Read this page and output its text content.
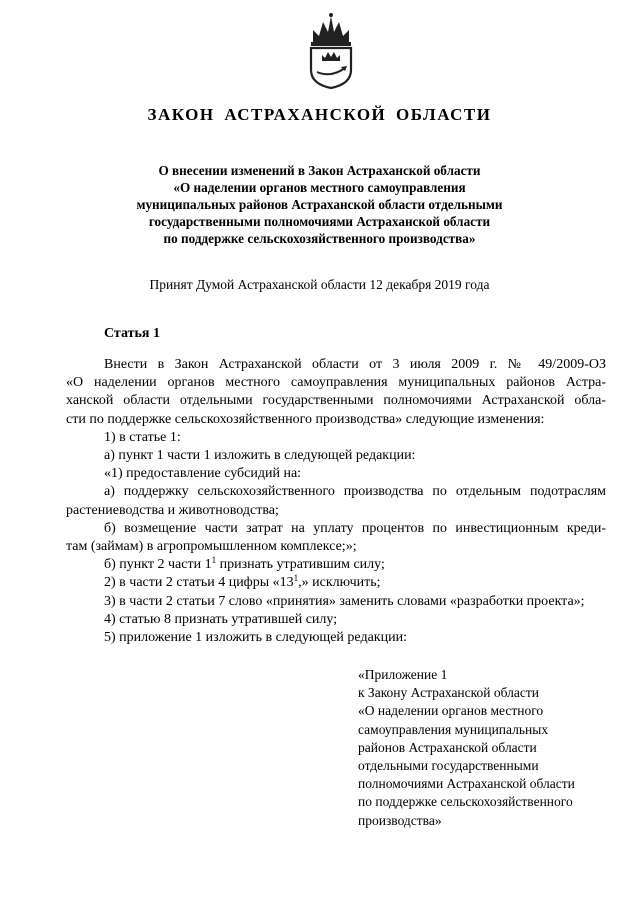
ЗАКОН АСТРАХАНСКОЙ ОБЛАСТИ
О внесении изменений в Закон Астраханской области
«О наделении органов местного самоуправления
муниципальных районов Астраханской области отдельными
государственными полномочиями Астраханской области
по поддержке сельскохозяйственного производства»
Принят Думой Астраханской области 12 декабря 2019 года
Статья 1

Внести в Закон Астраханской области от 3 июля 2009 г. № 49/2009-ОЗ

«О наделении органов местного самоуправления муниципальных районов Астра-

ханской области отдельными государственными полномочиями Астраханской обла-

сти по поддержке сельскохозяйственного производства» следующие изменения:

1) в статье 1:

а) пункт 1 части 1 изложить в следующей редакции:

«1) предоставление субсидий на:

а) поддержку сельскохозяйственного производства по отдельным подотраслям

растениеводства и животноводства;

б) возмещение части затрат на уплату процентов по инвестиционным креди-

там (займам) в агропромышленном комплексе;»;

б) пункт 2 части $1^1$ признать утратившим силу;

2) в части 2 статьи 4 цифры «$13^1$,» исключить;

3) в части 2 статьи 7 слово «принятия» заменить словами «разработки проекта»;

4) статью 8 признать утратившей силу;

5) приложение 1 изложить в следующей редакции:

«Приложение 1
к Закону Астраханской области
«О наделении органов местного
самоуправления муниципальных
районов Астраханской области
отдельными государственными
полномочиями Астраханской области
по поддержке сельскохозяйственного
производства»
